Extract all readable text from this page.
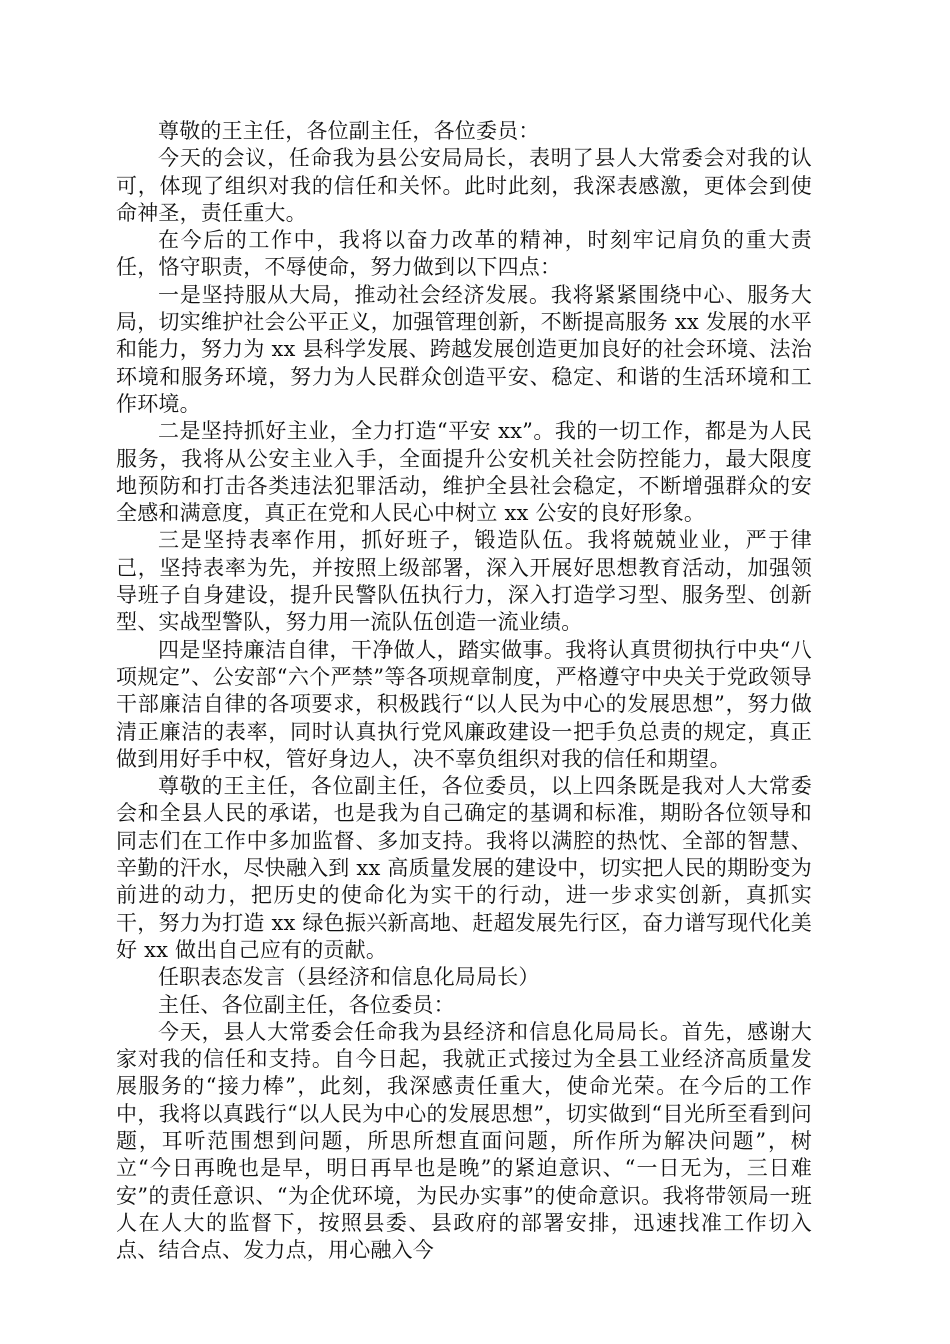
尊敬的王主任，各位副主任，各位委员：

今天的会议，任命我为县公安局局长，表明了县人大常委会对我的认可，体现了组织对我的信任和关怀。此时此刻，我深表感激，更体会到使命神圣，责任重大。

在今后的工作中，我将以奋力改革的精神，时刻牢记肩负的重大责任，恪守职责，不辱使命，努力做到以下四点：

一是坚持服从大局，推动社会经济发展。我将紧紧围绕中心、服务大局，切实维护社会公平正义，加强管理创新，不断提高服务 xx 发展的水平和能力，努力为 xx 县科学发展、跨越发展创造更加良好的社会环境、法治环境和服务环境，努力为人民群众创造平安、稳定、和谐的生活环境和工作环境。

二是坚持抓好主业，全力打造“平安 xx”。我的一切工作，都是为人民服务，我将从公安主业入手，全面提升公安机关社会防控能力，最大限度地预防和打击各类违法犯罪活动，维护全县社会稳定，不断增强群众的安全感和满意度，真正在党和人民心中树立 xx 公安的良好形象。

三是坚持表率作用，抓好班子，锻造队伍。我将兢兢业业，严于律己，坚持表率为先，并按照上级部署，深入开展好思想教育活动，加强领导班子自身建设，提升民警队伍执行力，深入打造学习型、服务型、创新型、实战型警队，努力用一流队伍创造一流业绩。

四是坚持廉洁自律，干净做人，踏实做事。我将认真贯彻执行中央“八项规定”、公安部“六个严禁”等各项规章制度，严格遵守中央关于党政领导干部廉洁自律的各项要求，积极践行“以人民为中心的发展思想”，努力做清正廉洁的表率，同时认真执行党风廉政建设一把手负总责的规定，真正做到用好手中权，管好身边人，决不辜负组织对我的信任和期望。

尊敬的王主任，各位副主任，各位委员，以上四条既是我对人大常委会和全县人民的承诺，也是我为自己确定的基调和标准，期盼各位领导和同志们在工作中多加监督、多加支持。我将以满腔的热忱、全部的智慧、辛勤的汗水，尽快融入到 xx 高质量发展的建设中，切实把人民的期盼变为前进的动力，把历史的使命化为实干的行动，进一步求实创新，真抓实干，努力为打造 xx 绿色振兴新高地、赶超发展先行区，奋力谱写现代化美好 xx 做出自己应有的贡献。

任职表态发言（县经济和信息化局局长）

主任、各位副主任，各位委员：

今天，县人大常委会任命我为县经济和信息化局局长。首先，感谢大家对我的信任和支持。自今日起，我就正式接过为全县工业经济高质量发展服务的“接力棒”，此刻，我深感责任重大，使命光荣。在今后的工作中，我将以真践行“以人民为中心的发展思想”，切实做到“目光所至看到问题，耳听范围想到问题，所思所想直面问题，所作所为解决问题”，树立“今日再晚也是早，明日再早也是晚”的紧迫意识、“一日无为，三日难安”的责任意识、“为企优环境，为民办实事”的使命意识。我将带领局一班人在人大的监督下，按照县委、县政府的部署安排，迅速找准工作切入点、结合点、发力点，用心融入今
